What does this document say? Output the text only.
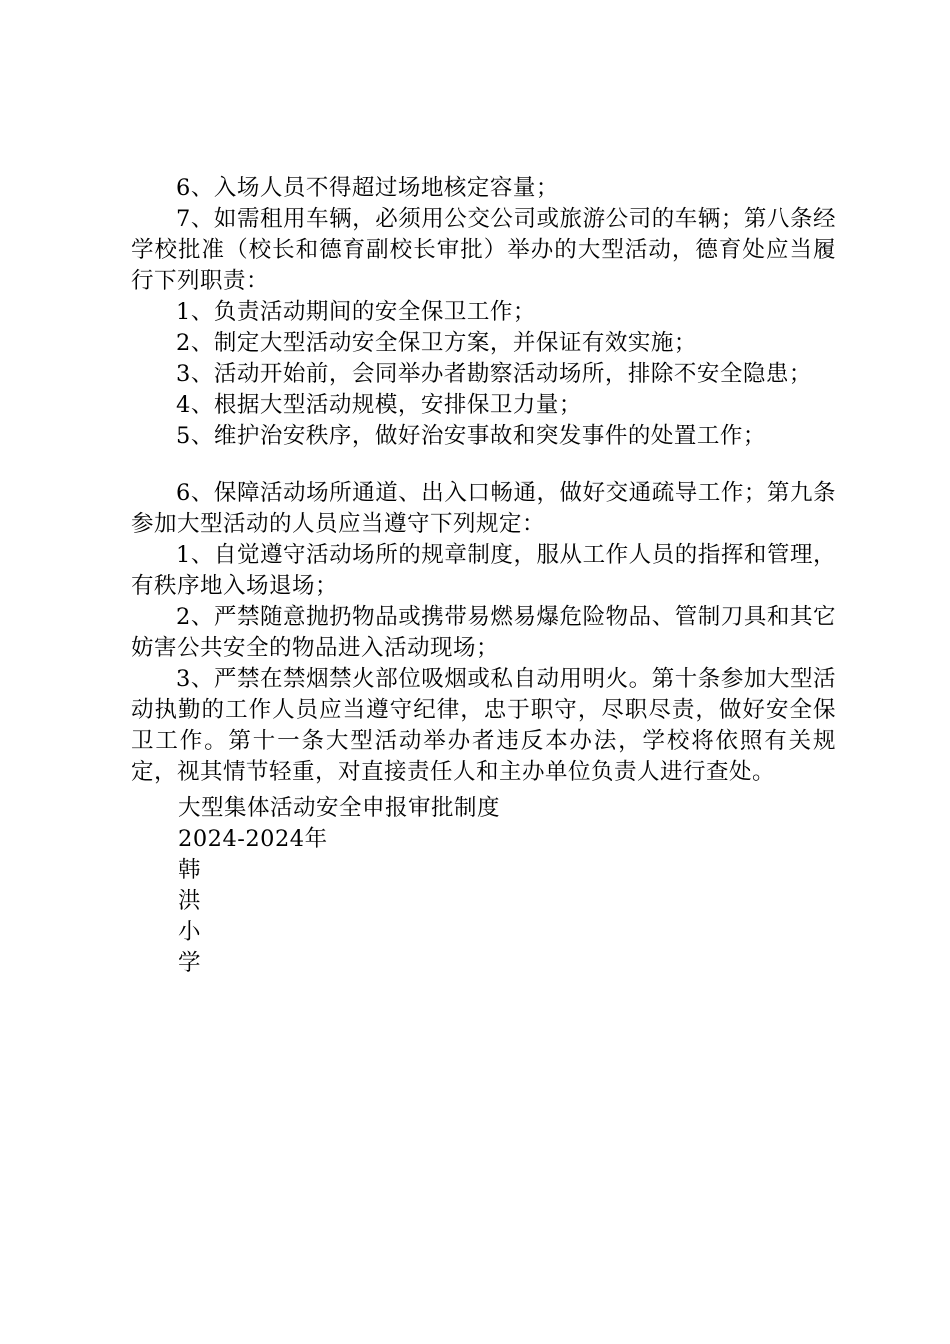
6、入场人员不得超过场地核定容量；

7、如需租用车辆，必须用公交公司或旅游公司的车辆；第八条经学校批准（校长和德育副校长审批）举办的大型活动，德育处应当履行下列职责：

1、负责活动期间的安全保卫工作；

2、制定大型活动安全保卫方案，并保证有效实施；

3、活动开始前，会同举办者勘察活动场所，排除不安全隐患；

4、根据大型活动规模，安排保卫力量；

5、维护治安秩序，做好治安事故和突发事件的处置工作；

6、保障活动场所通道、出入口畅通，做好交通疏导工作；第九条参加大型活动的人员应当遵守下列规定：

1、自觉遵守活动场所的规章制度，服从工作人员的指挥和管理，有秩序地入场退场；

2、严禁随意抛扔物品或携带易燃易爆危险物品、管制刀具和其它妨害公共安全的物品进入活动现场；

3、严禁在禁烟禁火部位吸烟或私自动用明火。第十条参加大型活动执勤的工作人员应当遵守纪律，忠于职守，尽职尽责，做好安全保卫工作。第十一条大型活动举办者违反本办法，学校将依照有关规定，视其情节轻重，对直接责任人和主办单位负责人进行查处。

大型集体活动安全申报审批制度

2024-2024年

韩

洪

小

学
